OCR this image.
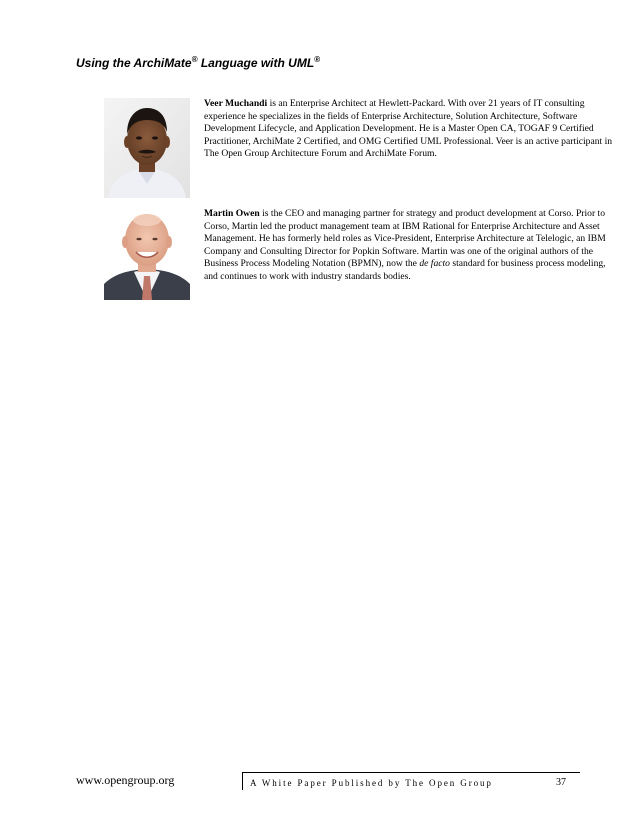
Using the ArchiMate® Language with UML®
Veer Muchandi is an Enterprise Architect at Hewlett-Packard. With over 21 years of IT consulting experience he specializes in the fields of Enterprise Architecture, Solution Architecture, Software Development Lifecycle, and Application Development. He is a Master Open CA, TOGAF 9 Certified Practitioner, ArchiMate 2 Certified, and OMG Certified UML Professional. Veer is an active participant in The Open Group Architecture Forum and ArchiMate Forum.
Martin Owen is the CEO and managing partner for strategy and product development at Corso. Prior to Corso, Martin led the product management team at IBM Rational for Enterprise Architecture and Asset Management. He has formerly held roles as Vice-President, Enterprise Architecture at Telelogic, an IBM Company and Consulting Director for Popkin Software. Martin was one of the original authors of the Business Process Modeling Notation (BPMN), now the de facto standard for business process modeling, and continues to work with industry standards bodies.
www.opengroup.org	A White Paper Published by The Open Group	37
